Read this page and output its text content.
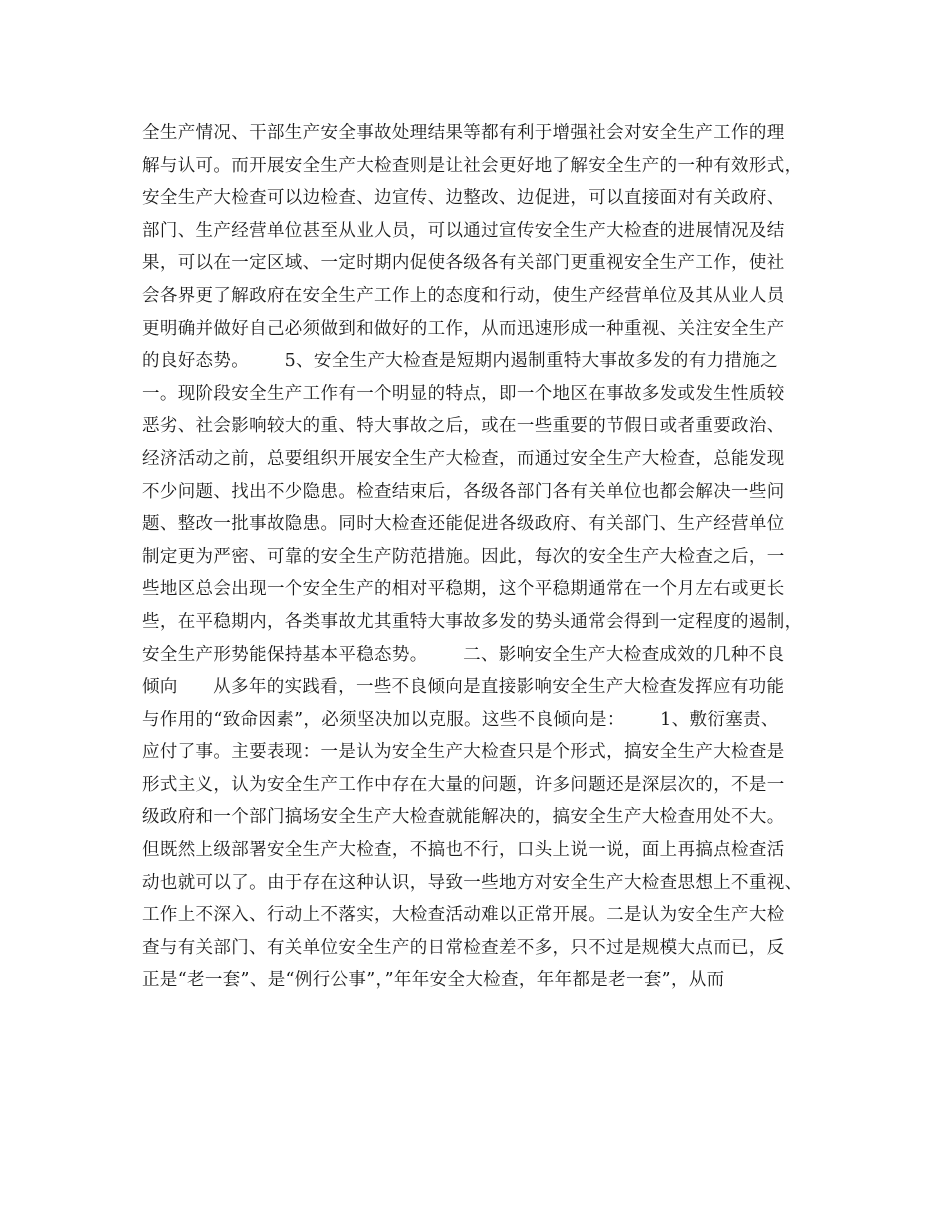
全生产情况、干部生产安全事故处理结果等都有利于增强社会对安全生产工作的理
解与认可。而开展安全生产大检查则是让社会更好地了解安全生产的一种有效形式，
安全生产大检查可以边检查、边宣传、边整改、边促进，可以直接面对有关政府、
部门、生产经营单位甚至从业人员，可以通过宣传安全生产大检查的进展情况及结
果，可以在一定区域、一定时期内促使各级各有关部门更重视安全生产工作，使社
会各界更了解政府在安全生产工作上的态度和行动，使生产经营单位及其从业人员
更明确并做好自己必须做到和做好的工作，从而迅速形成一种重视、关注安全生产
的良好态势。      5、安全生产大检查是短期内遏制重特大事故多发的有力措施之
一。现阶段安全生产工作有一个明显的特点，即一个地区在事故多发或发生性质较
恶劣、社会影响较大的重、特大事故之后，或在一些重要的节假日或者重要政治、
经济活动之前，总要组织开展安全生产大检查，而通过安全生产大检查，总能发现
不少问题、找出不少隐患。检查结束后，各级各部门各有关单位也都会解决一些问
题、整改一批事故隐患。同时大检查还能促进各级政府、有关部门、生产经营单位
制定更为严密、可靠的安全生产防范措施。因此，每次的安全生产大检查之后，一
些地区总会出现一个安全生产的相对平稳期，这个平稳期通常在一个月左右或更长
些，在平稳期内，各类事故尤其重特大事故多发的势头通常会得到一定程度的遏制，
安全生产形势能保持基本平稳态势。      二、影响安全生产大检查成效的几种不良
倾向      从多年的实践看，一些不良倾向是直接影响安全生产大检查发挥应有功能
与作用的“致命因素”，必须坚决加以克服。这些不良倾向是：      1、敷衍塞责、
应付了事。主要表现：一是认为安全生产大检查只是个形式，搞安全生产大检查是
形式主义，认为安全生产工作中存在大量的问题，许多问题还是深层次的，不是一
级政府和一个部门搞场安全生产大检查就能解决的，搞安全生产大检查用处不大。
但既然上级部署安全生产大检查，不搞也不行，口头上说一说，面上再搞点检查活
动也就可以了。由于存在这种认识，导致一些地方对安全生产大检查思想上不重视、
工作上不深入、行动上不落实，大检查活动难以正常开展。二是认为安全生产大检
查与有关部门、有关单位安全生产的日常检查差不多，只不过是规模大点而已，反
正是“老一套”、是“例行公事”，”年年安全大检查，年年都是老一套”，从而
